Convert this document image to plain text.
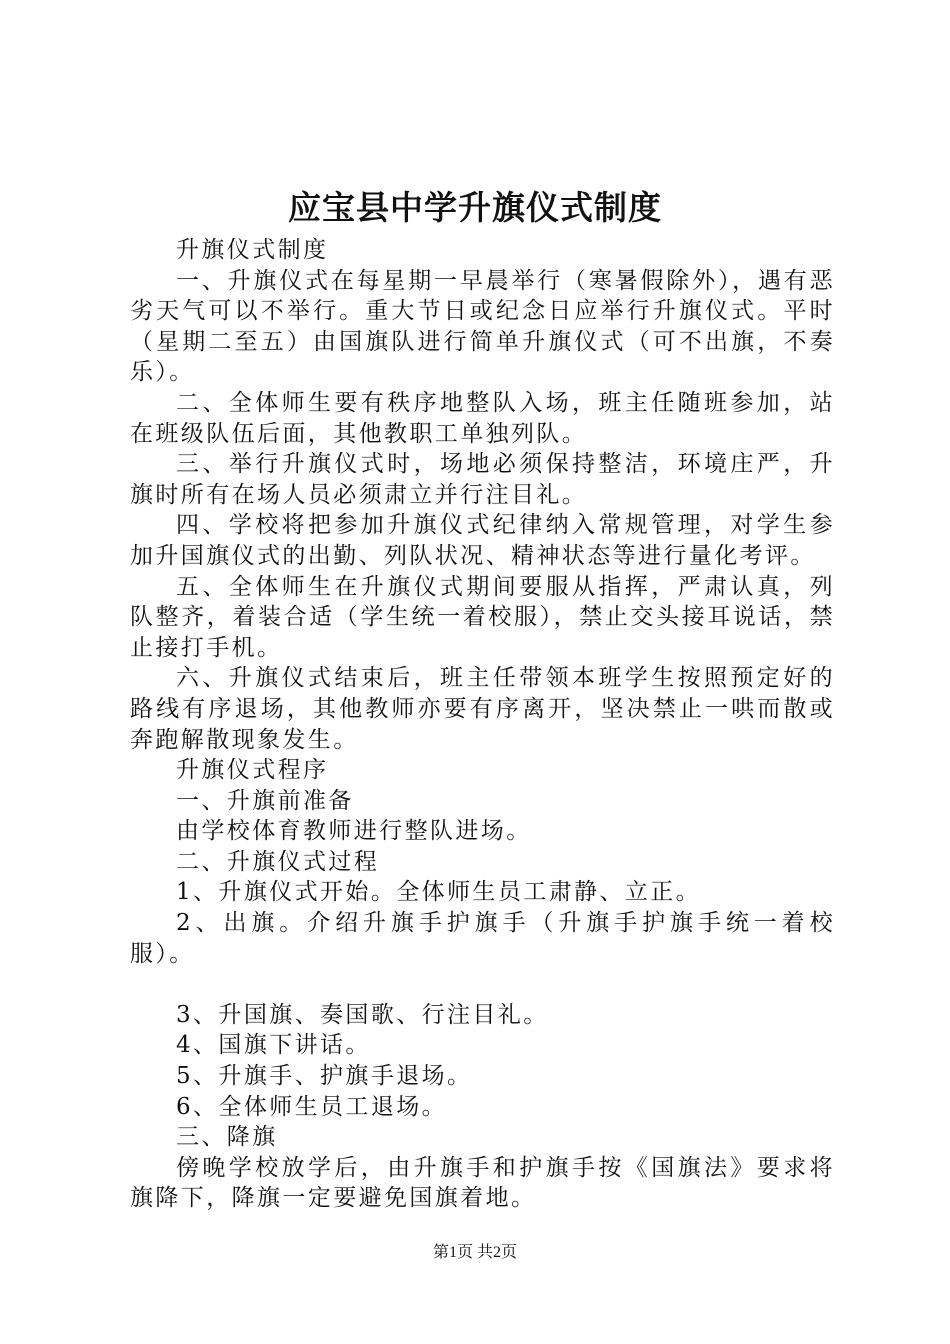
应宝县中学升旗仪式制度

升旗仪式制度

一、升旗仪式在每星期一早晨举行（寒暑假除外），遇有恶劣天气可以不举行。重大节日或纪念日应举行升旗仪式。平时（星期二至五）由国旗队进行简单升旗仪式（可不出旗，不奏乐）。

二、全体师生要有秩序地整队入场，班主任随班参加，站在班级队伍后面，其他教职工单独列队。

三、举行升旗仪式时，场地必须保持整洁，环境庄严，升旗时所有在场人员必须肃立并行注目礼。

四、学校将把参加升旗仪式纪律纳入常规管理，对学生参加升国旗仪式的出勤、列队状况、精神状态等进行量化考评。

五、全体师生在升旗仪式期间要服从指挥，严肃认真，列队整齐，着装合适（学生统一着校服），禁止交头接耳说话，禁止接打手机。

六、升旗仪式结束后，班主任带领本班学生按照预定好的路线有序退场，其他教师亦要有序离开，坚决禁止一哄而散或奔跑解散现象发生。

升旗仪式程序

一、升旗前准备

由学校体育教师进行整队进场。

二、升旗仪式过程

1、升旗仪式开始。全体师生员工肃静、立正。

2、出旗。介绍升旗手护旗手（升旗手护旗手统一着校服）。

3、升国旗、奏国歌、行注目礼。

4、国旗下讲话。

5、升旗手、护旗手退场。

6、全体师生员工退场。

三、降旗

傍晚学校放学后，由升旗手和护旗手按《国旗法》要求将旗降下，降旗一定要避免国旗着地。

第1页 共2页
